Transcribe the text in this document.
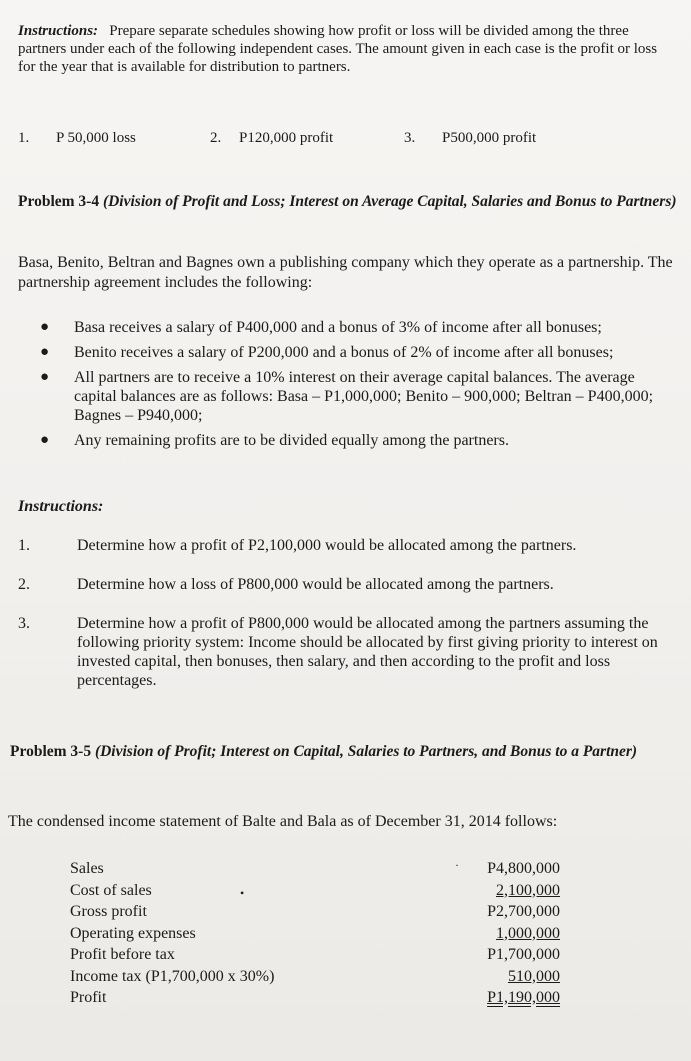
Instructions: Prepare separate schedules showing how profit or loss will be divided among the three partners under each of the following independent cases. The amount given in each case is the profit or loss for the year that is available for distribution to partners.
1. P 50,000 loss	2. P120,000 profit	3. P500,000 profit
Problem 3-4 (Division of Profit and Loss; Interest on Average Capital, Salaries and Bonus to Partners)
Basa, Benito, Beltran and Bagnes own a publishing company which they operate as a partnership. The partnership agreement includes the following:
● Basa receives a salary of P400,000 and a bonus of 3% of income after all bonuses;
● Benito receives a salary of P200,000 and a bonus of 2% of income after all bonuses;
● All partners are to receive a 10% interest on their average capital balances. The average capital balances are as follows: Basa – P1,000,000; Benito – 900,000; Beltran – P400,000; Bagnes – P940,000;
● Any remaining profits are to be divided equally among the partners.
Instructions:
1.	Determine how a profit of P2,100,000 would be allocated among the partners.
2.	Determine how a loss of P800,000 would be allocated among the partners.
3.	Determine how a profit of P800,000 would be allocated among the partners assuming the following priority system: Income should be allocated by first giving priority to interest on invested capital, then bonuses, then salary, and then according to the profit and loss percentages.
Problem 3-5 (Division of Profit; Interest on Capital, Salaries to Partners, and Bonus to a Partner)
The condensed income statement of Balte and Bala as of December 31, 2014 follows:
Sales	P4,800,000
Cost of sales	2,100,000
Gross profit	P2,700,000
Operating expenses	1,000,000
Profit before tax	P1,700,000
Income tax (P1,700,000 x 30%)	510,000
Profit	P1,190,000
•
·
